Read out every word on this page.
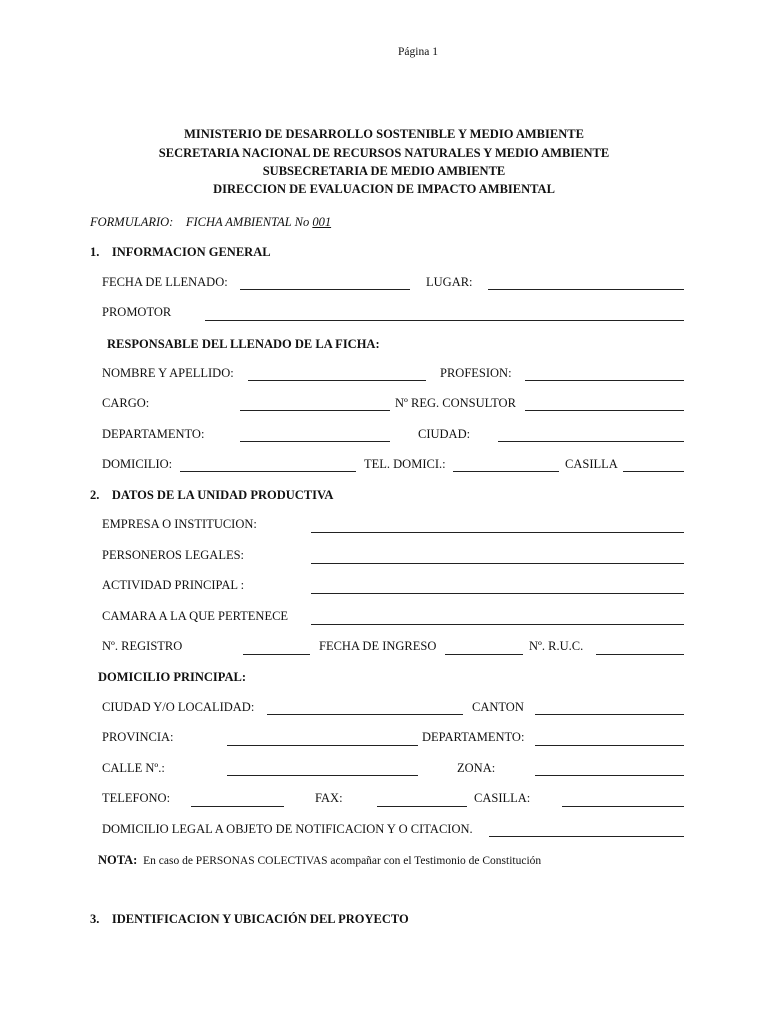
Página 1
MINISTERIO DE DESARROLLO SOSTENIBLE Y MEDIO AMBIENTE
SECRETARIA NACIONAL DE RECURSOS NATURALES Y MEDIO AMBIENTE
SUBSECRETARIA DE MEDIO AMBIENTE
DIRECCION DE EVALUACION DE IMPACTO AMBIENTAL
FORMULARIO: FICHA AMBIENTAL No 001
1.    INFORMACION GENERAL
FECHA DE LLENADO:	LUGAR:
PROMOTOR
RESPONSABLE DEL LLENADO DE LA FICHA:
NOMBRE Y APELLIDO:	PROFESION:
CARGO:	Nº REG. CONSULTOR
DEPARTAMENTO:	CIUDAD:
DOMICILIO:	TEL. DOMICI.:	CASILLA
2.    DATOS DE LA UNIDAD PRODUCTIVA
EMPRESA O INSTITUCION:
PERSONEROS LEGALES:
ACTIVIDAD PRINCIPAL :
CAMARA A LA QUE PERTENECE
Nº. REGISTRO	FECHA DE INGRESO	Nº. R.U.C.
DOMICILIO PRINCIPAL:
CIUDAD Y/O LOCALIDAD:	CANTON
PROVINCIA:	DEPARTAMENTO:
CALLE Nº.:	ZONA:
TELEFONO:	FAX:	CASILLA:
DOMICILIO LEGAL A OBJETO DE NOTIFICACION Y O CITACION.
NOTA: En caso de PERSONAS COLECTIVAS acompañar con el Testimonio de Constitución
3.    IDENTIFICACION Y UBICACIÓN DEL PROYECTO
